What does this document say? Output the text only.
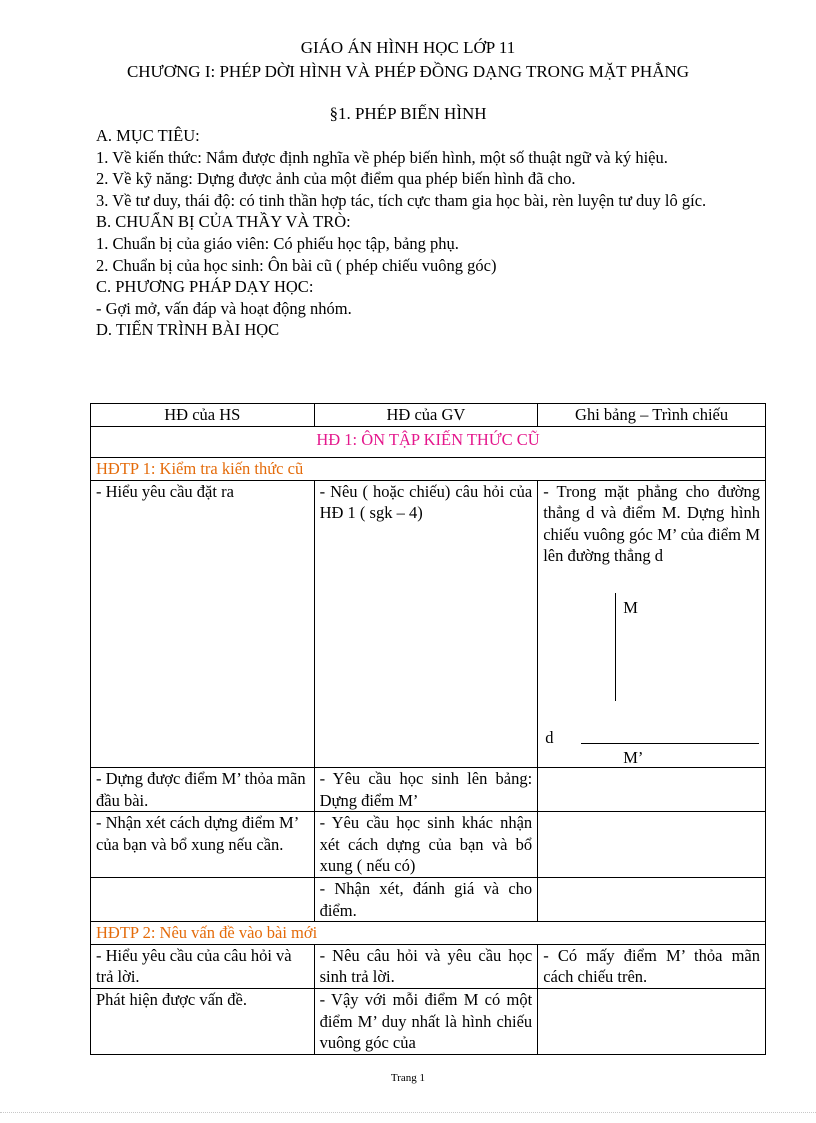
GIÁO ÁN HÌNH HỌC LỚP 11
CHƯƠNG I: PHÉP DỜI HÌNH VÀ PHÉP ĐỒNG DẠNG TRONG MẶT PHẲNG
§1. PHÉP BIẾN HÌNH

A. MỤC TIÊU:

1. Về kiến thức: Nắm được định nghĩa về phép biến hình, một số thuật ngữ và ký hiệu.

2. Về kỹ năng: Dựng được ảnh của một điểm qua phép biến hình đã cho.

3. Về tư duy, thái độ: có tinh thần hợp tác, tích cực tham gia học bài, rèn luyện tư duy lô gíc.

B. CHUẨN BỊ CỦA THẦY VÀ TRÒ:

1. Chuẩn bị của giáo viên: Có phiếu học tập, bảng phụ.

2. Chuẩn bị của học sinh: Ôn bài cũ ( phép chiếu vuông góc)

C. PHƯƠNG PHÁP DẠY HỌC:

- Gợi mở, vấn đáp và hoạt động nhóm.

D. TIẾN TRÌNH BÀI HỌC

HĐ của HS	HĐ của GV	Ghi bảng – Trình chiếu
HĐ 1: ÔN TẬP KIẾN THỨC CŨ		
HĐTP 1: Kiểm tra kiến thức cũ		
- Hiểu yêu cầu đặt ra	- Nêu ( hoặc chiếu) câu hỏi của HĐ 1 ( sgk – 4)	- Trong mặt phẳng cho đường thẳng d và điểm M. Dựng hình chiếu vuông góc M’ của điểm M lên đường thẳng d
M
d
M’

- Dựng được điểm M’ thỏa mãn đầu bài.	- Yêu cầu học sinh lên bảng: Dựng điểm M’	
- Nhận xét cách dựng điểm M’ của bạn và bổ xung nếu cần.	- Yêu cầu học sinh khác nhận xét cách dựng của bạn và bổ xung ( nếu có)	
	- Nhận xét, đánh giá và cho điểm.	
HĐTP 2: Nêu vấn đề vào bài mới		
- Hiểu yêu cầu của câu hỏi và trả lời.	- Nêu câu hỏi và yêu cầu học sinh trả lời.	- Có mấy điểm M’ thỏa mãn cách chiếu trên.
Phát hiện được vấn đề.	- Vậy với mỗi điểm M có một điểm M’ duy nhất là hình chiếu vuông góc của	
Trang 1
